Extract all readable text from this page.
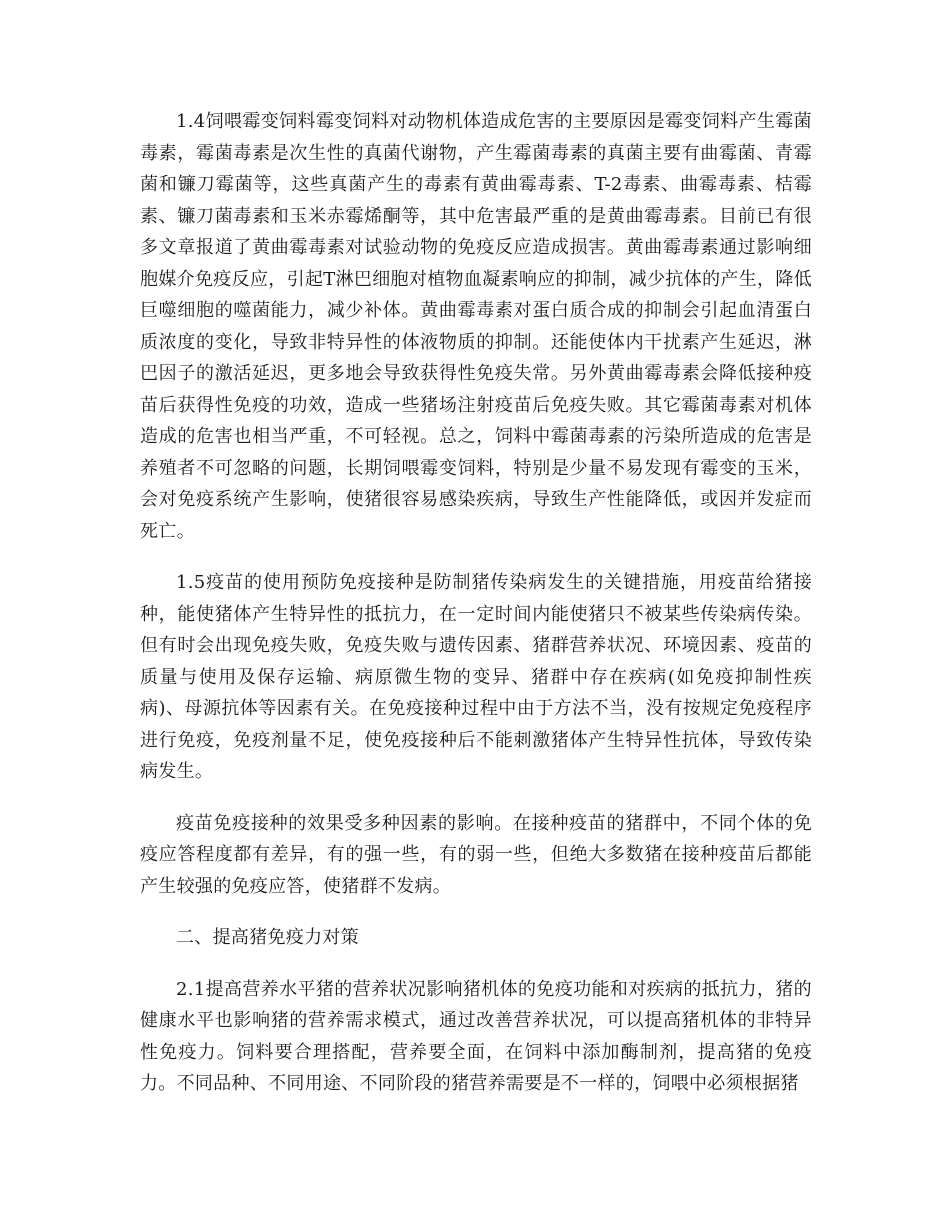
1.4饲喂霉变饲料霉变饲料对动物机体造成危害的主要原因是霉变饲料产生霉菌毒素，霉菌毒素是次生性的真菌代谢物，产生霉菌毒素的真菌主要有曲霉菌、青霉菌和镰刀霉菌等，这些真菌产生的毒素有黄曲霉毒素、T-2毒素、曲霉毒素、桔霉素、镰刀菌毒素和玉米赤霉烯酮等，其中危害最严重的是黄曲霉毒素。目前已有很多文章报道了黄曲霉毒素对试验动物的免疫反应造成损害。黄曲霉毒素通过影响细胞媒介免疫反应，引起T淋巴细胞对植物血凝素响应的抑制，减少抗体的产生，降低巨噬细胞的噬菌能力，减少补体。黄曲霉毒素对蛋白质合成的抑制会引起血清蛋白质浓度的变化，导致非特异性的体液物质的抑制。还能使体内干扰素产生延迟，淋巴因子的激活延迟，更多地会导致获得性免疫失常。另外黄曲霉毒素会降低接种疫苗后获得性免疫的功效，造成一些猪场注射疫苗后免疫失败。其它霉菌毒素对机体造成的危害也相当严重，不可轻视。总之，饲料中霉菌毒素的污染所造成的危害是养殖者不可忽略的问题，长期饲喂霉变饲料，特别是少量不易发现有霉变的玉米，会对免疫系统产生影响，使猪很容易感染疾病，导致生产性能降低，或因并发症而死亡。

1.5疫苗的使用预防免疫接种是防制猪传染病发生的关键措施，用疫苗给猪接种，能使猪体产生特异性的抵抗力，在一定时间内能使猪只不被某些传染病传染。但有时会出现免疫失败，免疫失败与遗传因素、猪群营养状况、环境因素、疫苗的质量与使用及保存运输、病原微生物的变异、猪群中存在疾病(如免疫抑制性疾病)、母源抗体等因素有关。在免疫接种过程中由于方法不当，没有按规定免疫程序进行免疫，免疫剂量不足，使免疫接种后不能刺激猪体产生特异性抗体，导致传染病发生。

疫苗免疫接种的效果受多种因素的影响。在接种疫苗的猪群中，不同个体的免疫应答程度都有差异，有的强一些，有的弱一些，但绝大多数猪在接种疫苗后都能产生较强的免疫应答，使猪群不发病。

二、提高猪免疫力对策

2.1提高营养水平猪的营养状况影响猪机体的免疫功能和对疾病的抵抗力，猪的健康水平也影响猪的营养需求模式，通过改善营养状况，可以提高猪机体的非特异性免疫力。饲料要合理搭配，营养要全面，在饲料中添加酶制剂，提高猪的免疫力。不同品种、不同用途、不同阶段的猪营养需要是不一样的，饲喂中必须根据猪
